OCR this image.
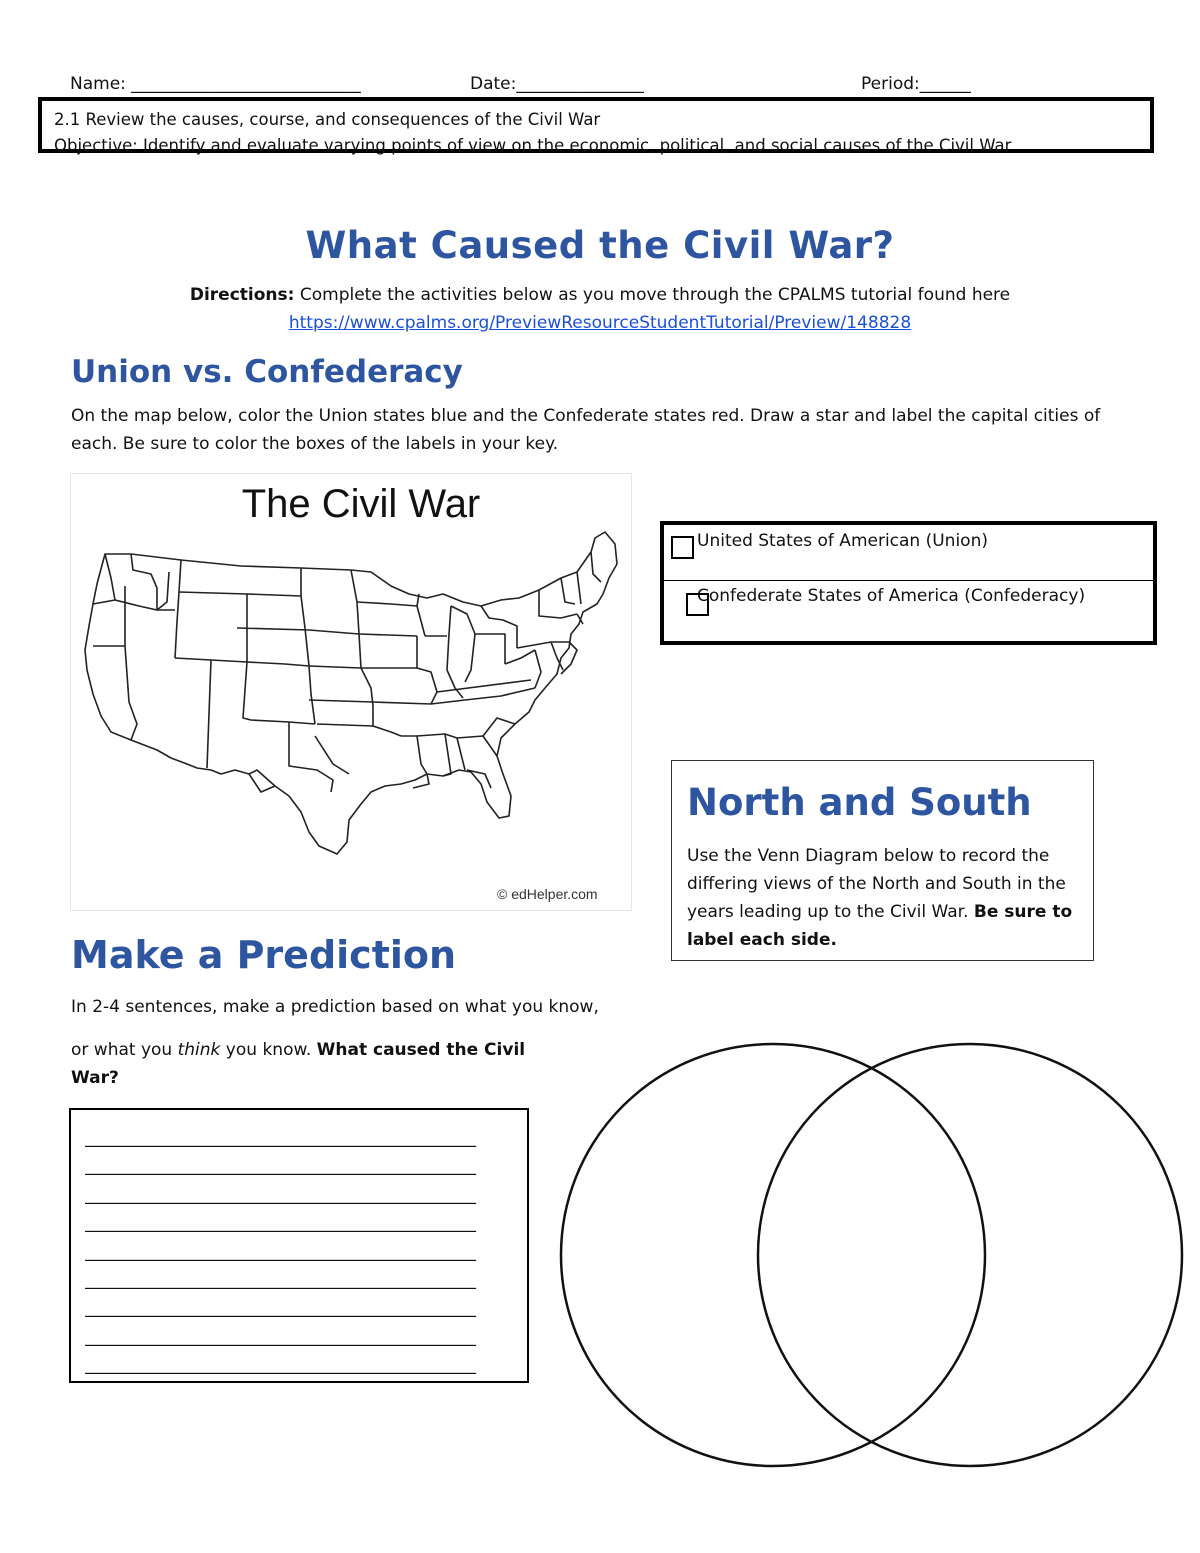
Name: ___________________________	Date:_______________	Period:______
2.1 Review the causes, course, and consequences of the Civil War
Objective: Identify and evaluate varying points of view on the economic, political, and social causes of the Civil War
What Caused the Civil War?
Directions: Complete the activities below as you move through the CPALMS tutorial found here
https://www.cpalms.org/PreviewResourceStudentTutorial/Preview/148828
Union vs. Confederacy
On the map below, color the Union states blue and the Confederate states red. Draw a star and label the capital cities of
each. Be sure to color the boxes of the labels in your key.
The Civil War
© edHelper.com
United States of American (Union)
Confederate States of America (Confederacy)
North and South
Use the Venn Diagram below to record the
differing views of the North and South in the
years leading up to the Civil War. Be sure to
label each side.
Make a Prediction
In 2-4 sentences, make a prediction based on what you know,
or what you think you know. What caused the Civil
War?
______________________________________________
______________________________________________
______________________________________________
______________________________________________
______________________________________________
______________________________________________
______________________________________________
______________________________________________
______________________________________________
